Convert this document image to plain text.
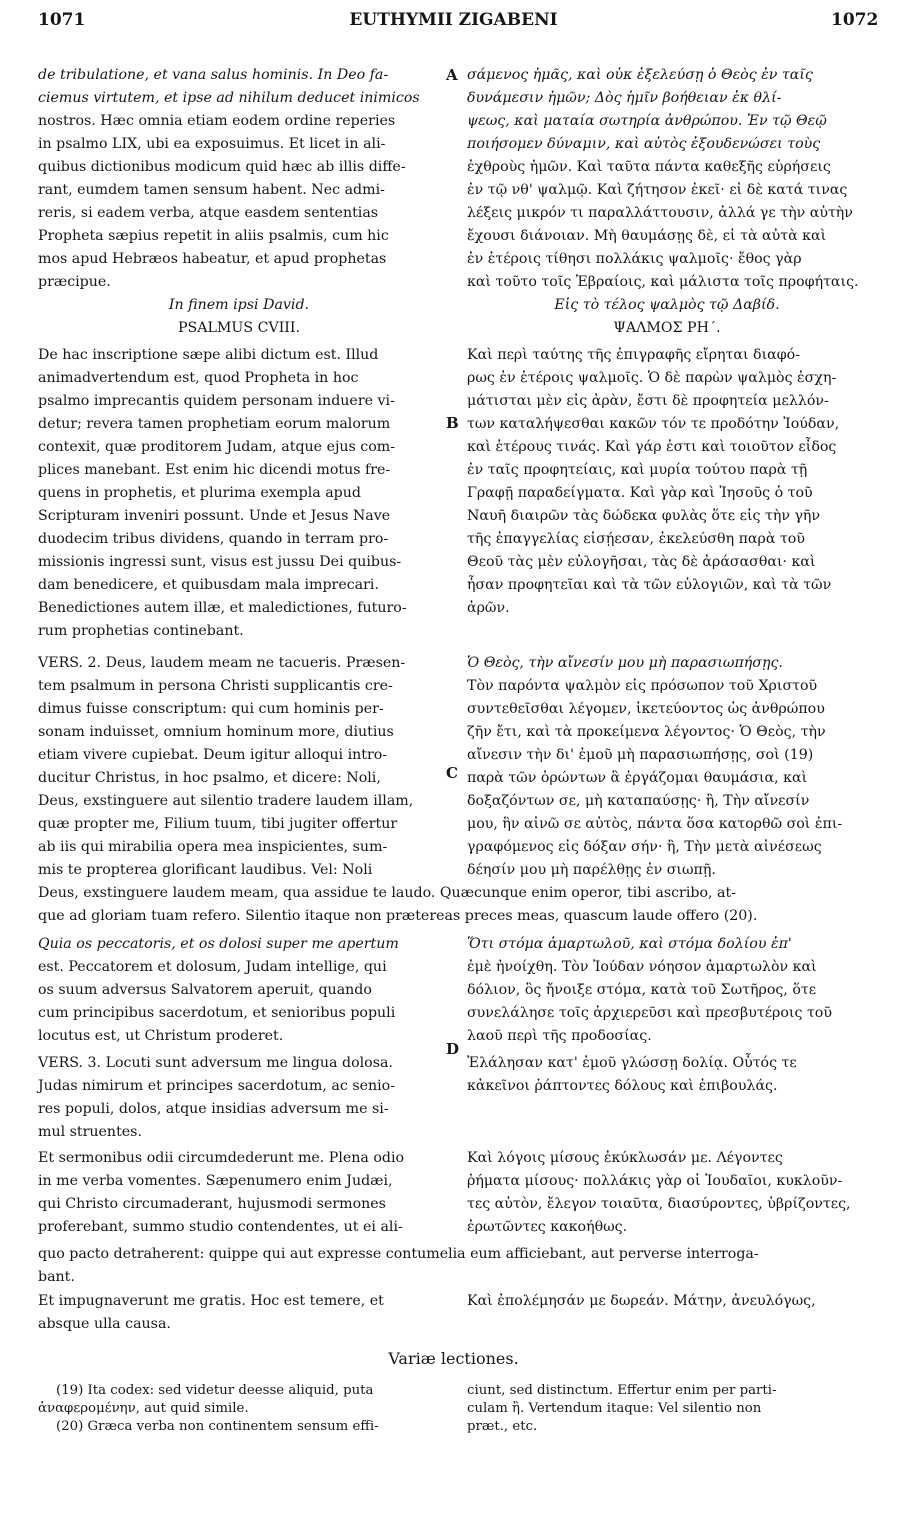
1071	EUTHYMII ZIGABENI	1072
A
B
C
D
de tribulatione, et vana salus hominis. In Deo fa-
ciemus virtutem, et ipse ad nihilum deducet inimicos
nostros. Hæc omnia etiam eodem ordine reperies
in psalmo LIX, ubi ea exposuimus. Et licet in ali-
quibus dictionibus modicum quid hæc ab illis diffe-
rant, eumdem tamen sensum habent. Nec admi-
reris, si eadem verba, atque easdem sententias
Propheta sæpius repetit in aliis psalmis, cum hic
mos apud Hebræos habeatur, et apud prophetas
præcipue.
In finem ipsi David.
PSALMUS CVIII.
De hac inscriptione sæpe alibi dictum est. Illud
animadvertendum est, quod Propheta in hoc
psalmo imprecantis quidem personam induere vi-
detur; revera tamen prophetiam eorum malorum
contexit, quæ proditorem Judam, atque ejus com-
plices manebant. Est enim hic dicendi motus fre-
quens in prophetis, et plurima exempla apud
Scripturam inveniri possunt. Unde et Jesus Nave
duodecim tribus dividens, quando in terram pro-
missionis ingressi sunt, visus est jussu Dei quibus-
dam benedicere, et quibusdam mala imprecari.
Benedictiones autem illæ, et maledictiones, futuro-
rum prophetias continebant.
VERS. 2. Deus, laudem meam ne tacueris. Præsen-
tem psalmum in persona Christi supplicantis cre-
dimus fuisse conscriptum: qui cum hominis per-
sonam induisset, omnium hominum more, diutius
etiam vivere cupiebat. Deum igitur alloqui intro-
ducitur Christus, in hoc psalmo, et dicere: Noli,
Deus, exstinguere aut silentio tradere laudem illam,
quæ propter me, Filium tuum, tibi jugiter offertur
ab iis qui mirabilia opera mea inspicientes, sum-
mis te propterea glorificant laudibus. Vel: Noli
Deus, exstinguere laudem meam, qua assidue te laudo. Quæcunque enim operor, tibi ascribo, at-
que ad gloriam tuam refero. Silentio itaque non prætereas preces meas, quascum laude offero (20).
Quia os peccatoris, et os dolosi super me apertum
est. Peccatorem et dolosum, Judam intellige, qui
os suum adversus Salvatorem aperuit, quando
cum principibus sacerdotum, et senioribus populi
locutus est, ut Christum proderet.
VERS. 3. Locuti sunt adversum me lingua dolosa.
Judas nimirum et principes sacerdotum, ac senio-
res populi, dolos, atque insidias adversum me si-
mul struentes.
Et sermonibus odii circumdederunt me. Plena odio
in me verba vomentes. Sæpenumero enim Judæi,
qui Christo circumaderant, hujusmodi sermones
proferebant, summo studio contendentes, ut ei ali-
quo pacto detraherent: quippe qui aut expresse contumelia eum afficiebant, aut perverse interroga-
bant.
Et impugnaverunt me gratis. Hoc est temere, et
absque ulla causa.
σάμενος ἡμᾶς, καὶ οὐκ ἐξελεύσῃ ὁ Θεὸς ἐν ταῖς
δυνάμεσιν ἡμῶν; Δὸς ἡμῖν βοήθειαν ἐκ θλί-
ψεως, καὶ ματαία σωτηρία ἀνθρώπου. Ἐν τῷ Θεῷ
ποιήσομεν δύναμιν, καὶ αὐτὸς ἐξουδενώσει τοὺς
ἐχθροὺς ἡμῶν. Καὶ ταῦτα πάντα καθεξῆς εὑρήσεις
ἐν τῷ νθ' ψαλμῷ. Καὶ ζήτησον ἐκεῖ· εἰ δὲ κατά τινας
λέξεις μικρόν τι παραλλάττουσιν, ἀλλά γε τὴν αὐτὴν
ἔχουσι διάνοιαν. Μὴ θαυμάσῃς δὲ, εἰ τὰ αὐτὰ καὶ
ἐν ἑτέροις τίθησι πολλάκις ψαλμοῖς· ἔθος γὰρ
καὶ τοῦτο τοῖς Ἑβραίοις, καὶ μάλιστα τοῖς προφήταις.
Εἰς τὸ τέλος ψαλμὸς τῷ Δαβίδ.
ΨΑΛΜΟΣ ΡΗ΄.
Καὶ περὶ ταύτης τῆς ἐπιγραφῆς εἴρηται διαφό-
ρως ἐν ἑτέροις ψαλμοῖς. Ὁ δὲ παρὼν ψαλμὸς ἐσχη-
μάτισται μὲν εἰς ἀρὰν, ἔστι δὲ προφητεία μελλόν-
των καταλήψεσθαι κακῶν τόν τε προδότην Ἰούδαν,
καὶ ἑτέρους τινάς. Καὶ γάρ ἐστι καὶ τοιοῦτον εἶδος
ἐν ταῖς προφητείαις, καὶ μυρία τούτου παρὰ τῇ
Γραφῇ παραδείγματα. Καὶ γὰρ καὶ Ἰησοῦς ὁ τοῦ
Ναυῆ διαιρῶν τὰς δώδεκα φυλὰς ὅτε εἰς τὴν γῆν
τῆς ἐπαγγελίας εἰσῄεσαν, ἐκελεύσθη παρὰ τοῦ
Θεοῦ τὰς μὲν εὐλογῆσαι, τὰς δὲ ἀράσασθαι· καὶ
ἦσαν προφητεῖαι καὶ τὰ τῶν εὐλογιῶν, καὶ τὰ τῶν
ἀρῶν.
Ὁ Θεὸς, τὴν αἴνεσίν μου μὴ παρασιωπήσῃς.
Τὸν παρόντα ψαλμὸν εἰς πρόσωπον τοῦ Χριστοῦ
συντεθεῖσθαι λέγομεν, ἱκετεύοντος ὡς ἀνθρώπου
ζῆν ἔτι, καὶ τὰ προκείμενα λέγοντος· Ὁ Θεὸς, τὴν
αἴνεσιν τὴν δι' ἐμοῦ μὴ παρασιωπήσῃς, σοὶ (19)
παρὰ τῶν ὁρώντων ἃ ἐργάζομαι θαυμάσια, καὶ
δοξαζόντων σε, μὴ καταπαύσῃς· ἢ, Τὴν αἴνεσίν
μου, ἣν αἰνῶ σε αὐτὸς, πάντα ὅσα κατορθῶ σοὶ ἐπι-
γραφόμενος εἰς δόξαν σήν· ἢ, Τὴν μετὰ αἰνέσεως
δέησίν μου μὴ παρέλθῃς ἐν σιωπῇ.
Ὅτι στόμα ἁμαρτωλοῦ, καὶ στόμα δολίου ἐπ'
ἐμὲ ἠνοίχθη. Τὸν Ἰούδαν νόησον ἁμαρτωλὸν καὶ
δόλιον, ὃς ἤνοιξε στόμα, κατὰ τοῦ Σωτῆρος, ὅτε
συνελάλησε τοῖς ἀρχιερεῦσι καὶ πρεσβυτέροις τοῦ
λαοῦ περὶ τῆς προδοσίας.
Ἐλάλησαν κατ' ἐμοῦ γλώσσῃ δολίᾳ. Οὗτός τε
κἀκεῖνοι ῥάπτοντες δόλους καὶ ἐπιβουλάς.
Καὶ λόγοις μίσους ἐκύκλωσάν με. Λέγοντες
ῥήματα μίσους· πολλάκις γὰρ οἱ Ἰουδαῖοι, κυκλοῦν-
τες αὐτὸν, ἔλεγον τοιαῦτα, διασύροντες, ὑβρίζοντες,
ἐρωτῶντες κακοήθως.
Καὶ ἐπολέμησάν με δωρεάν. Μάτην, ἀνευλόγως,
Variæ lectiones.
(19) Ita codex: sed videtur deesse aliquid, puta
ἀναφερομένην, aut quid simile.
(20) Græca verba non continentem sensum effi-
ciunt, sed distinctum. Effertur enim per parti-
culam ἢ. Vertendum itaque: Vel silentio non
præt., etc.
